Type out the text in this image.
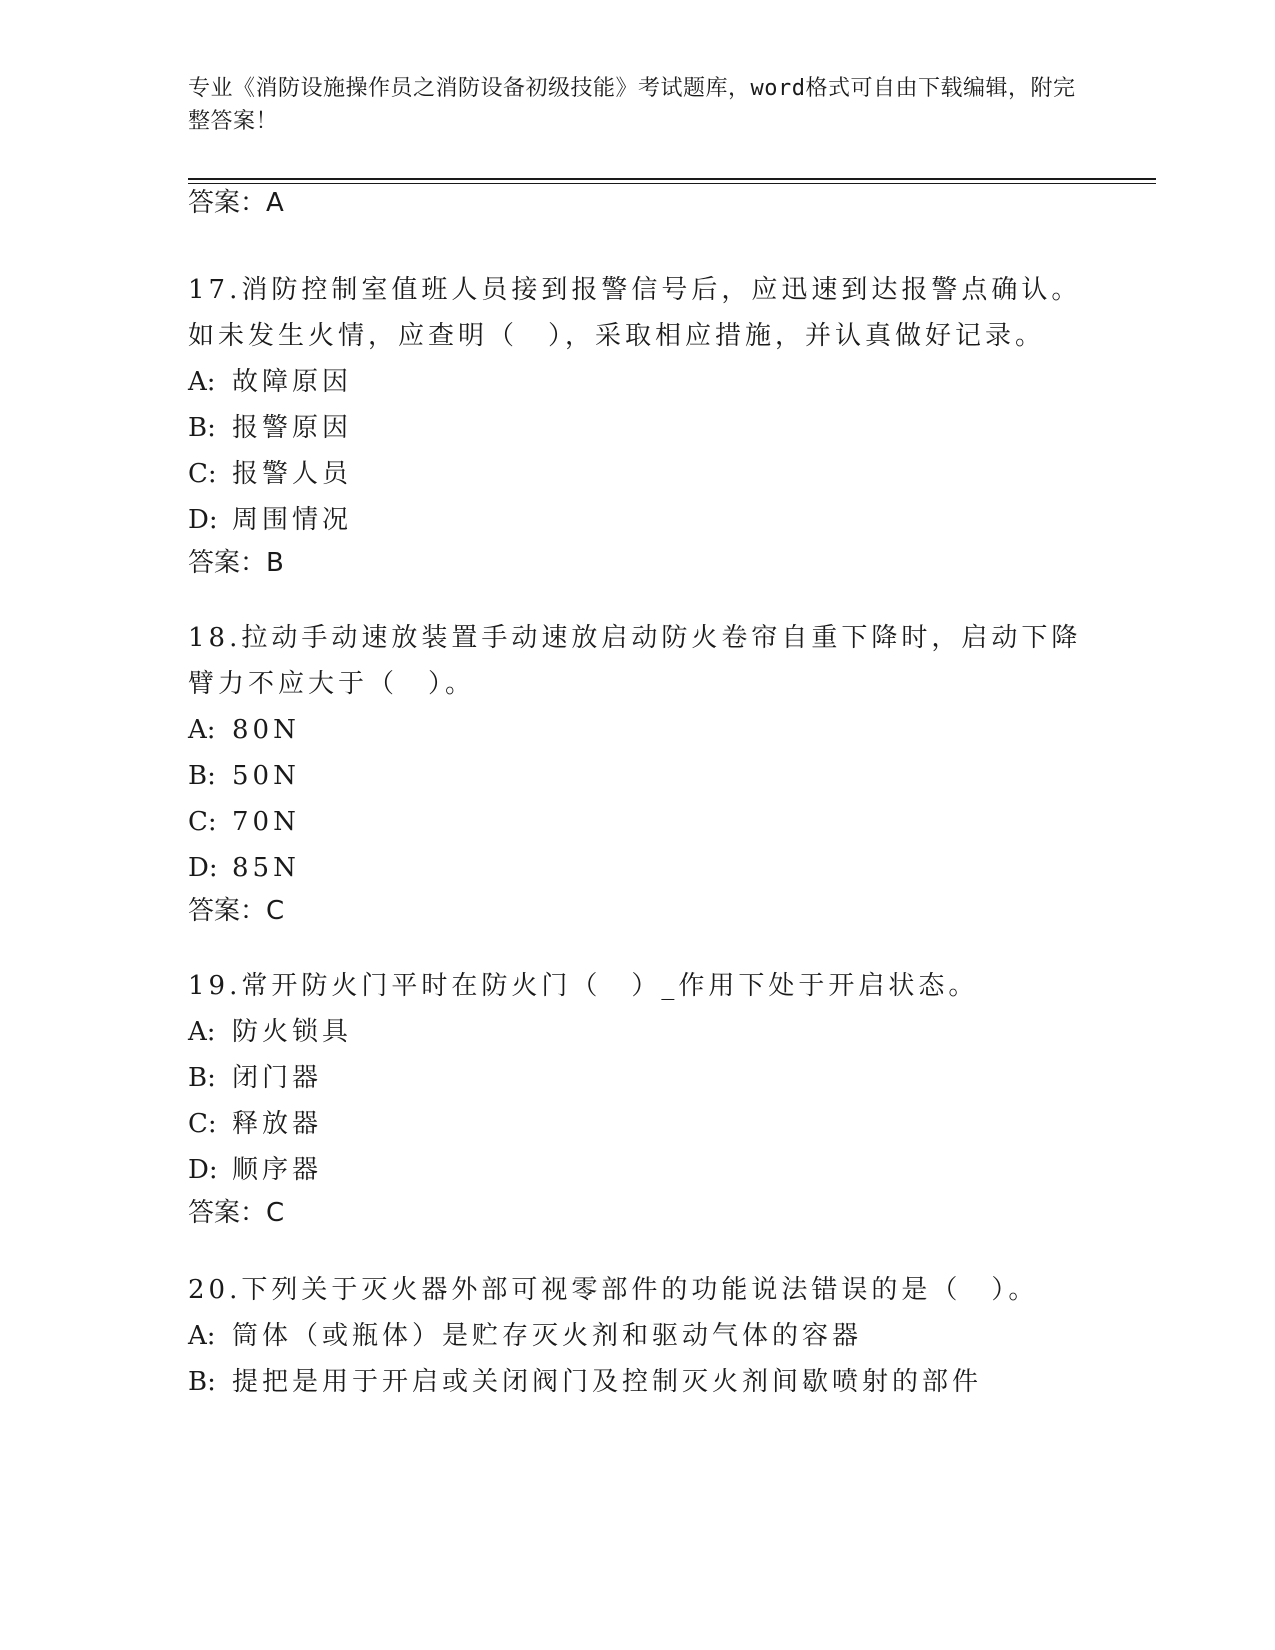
专业《消防设施操作员之消防设备初级技能》考试题库，word格式可自由下载编辑，附完整答案！
答案：A
17.消防控制室值班人员接到报警信号后，应迅速到达报警点确认。如未发生火情，应查明（　），采取相应措施，并认真做好记录。
A: 故障原因
B: 报警原因
C: 报警人员
D: 周围情况
答案：B
18.拉动手动速放装置手动速放启动防火卷帘自重下降时，启动下降臂力不应大于（　）。
A: 80N
B: 50N
C: 70N
D: 85N
答案：C
19.常开防火门平时在防火门（　）_作用下处于开启状态。
A: 防火锁具
B: 闭门器
C: 释放器
D: 顺序器
答案：C
20.下列关于灭火器外部可视零部件的功能说法错误的是（　）。
A: 筒体（或瓶体）是贮存灭火剂和驱动气体的容器
B: 提把是用于开启或关闭阀门及控制灭火剂间歇喷射的部件
